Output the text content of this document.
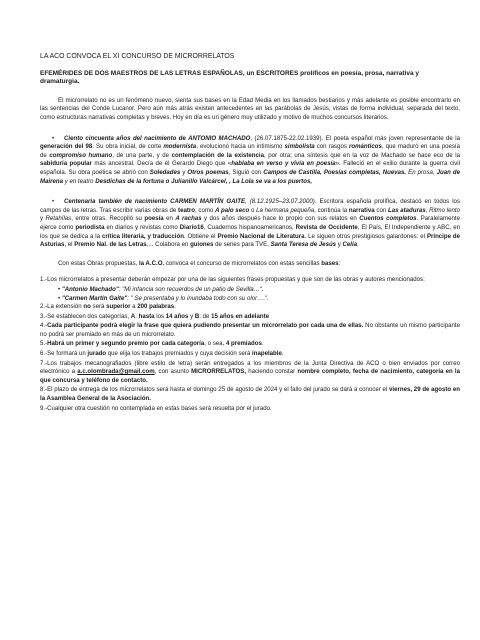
LA ACO CONVOCA EL XI CONCURSO DE MICRORRELATOS
EFEMÉRIDES DE DOS MAESTROS DE LAS LETRAS ESPAÑOLAS, un ESCRITORES prolíficos en poesía, prosa, narrativa y dramaturgia.

El microrrelato no es un fenómeno nuevo, sienta sus bases en la Edad Media en los llamados bestiarios y más adelante es posible encontrarlo en las sentencias del Conde Lucanor. Pero aún más atrás existen antecedentes en las parábolas de Jesús, vistas de forma individual, separada del texto, como estructuras narrativas completas y breves. Hoy en día es un género muy utilizado y motivo de muchos concursos literarios.

• Ciento cincuenta años del nacimiento de ANTONIO MACHADO, (26.07.1875-22.02.1939). El poeta español más joven representante de la generación del 98. Su obra inicial, de corte modernista, evolucionó hacia un intimismo simbolista con rasgos románticos, que maduró en una poesía de compromiso humano, de una parte, y de contemplación de la existencia, por otra; una síntesis que en la voz de Machado se hace eco de la sabiduría popular más ancestral. Decía de él Gerardo Diego que «hablaba en verso y vivía en poesía». Falleció en el exilio durante la guerra civil española. Su obra poética se abrió con Soledades y Otros poemas, Siguió con Campos de Castilla, Poesías completas, Nuevas. En prosa, Juan de Mairena y en teatro Desdichas de la fortuna o Julianillo Valcárcel, , La Lola se va a los puertos,

• Centenaria también de nacimiento CARMEN MARTÍN GAITE, (8.12.1925–23.07.2000). Escritora española prolífica, destacó en todos los campos de las letras. Tras escribir varias obras de teatro, como A palo seco o La hermana pequeña, continúa la narrativa con Las ataduras, Ritmo lento y Retahílas, entre otras. Recopiló su poesía en A rachas y dos años después hace lo propio con sus relatos en Cuentos completos. Paralelamente ejerce como periodista en diarios y revistas como Diario16, Cuadernos hispanoamericanos, Revista de Occidente, El País, El Independiente y ABC, en los que se dedica a la crítica literaria, y traducción. Obtiene el Premio Nacional de Literatura. Le siguen otros prestigiosos galardones: el Príncipe de Asturias, el Premio Nal. de las Letras,... Colabora en guiones de series para TVE, Santa Teresa de Jesús y Celia.

Con estas Obras propuestas, la A.C.O. convoca el concurso de microrrelatos con estas sencillas bases:

1.-Los microrrelatos a presentar deberán empezar por una de las siguientes frases propuestas y que son de las obras y autores mencionados:

• "Antonio Machado": "Mi infancia son recuerdos de un patio de Sevilla…".

• "Carmen Martín Gaite": " Se presentaba y lo inundaba todo con su olor….".

2.-La extensión no será superior a 200 palabras.

3.-Se establecen dos categorías, A: hasta los 14 años y B: de 15 años en adelante

4.-Cada participante podrá elegir la frase que quiera pudiendo presentar un microrrelato por cada una de ellas. No obstante un mismo participante no podrá ser premiado en más de un microrrelato.

5.-Habrá un primer y segundo premio por cada categoría, o sea, 4 premiados.

6.-Se formará un jurado que elija los trabajos premiados y cuya decisión será inapelable.

7.-Los trabajos mecanografiados (libre estilo de letra) serán entregados a los miembros de la Junta Directiva de ACO o bien enviados por correo electrónico a a.c.olombrada@gmail.com, con asunto MICRORRELATOS, haciendo constar nombre completo, fecha de nacimiento, categoría en la que concursa y teléfono de contacto.

8.-El plazo de entrega de los microrrelatos será hasta el domingo 25 de agosto de 2024 y el fallo del jurado se dará a conocer el viernes, 29 de agosto en la Asamblea General de la Asociación.

9.-Cualquier otra cuestión no contemplada en estas bases será resuelta por el jurado.
